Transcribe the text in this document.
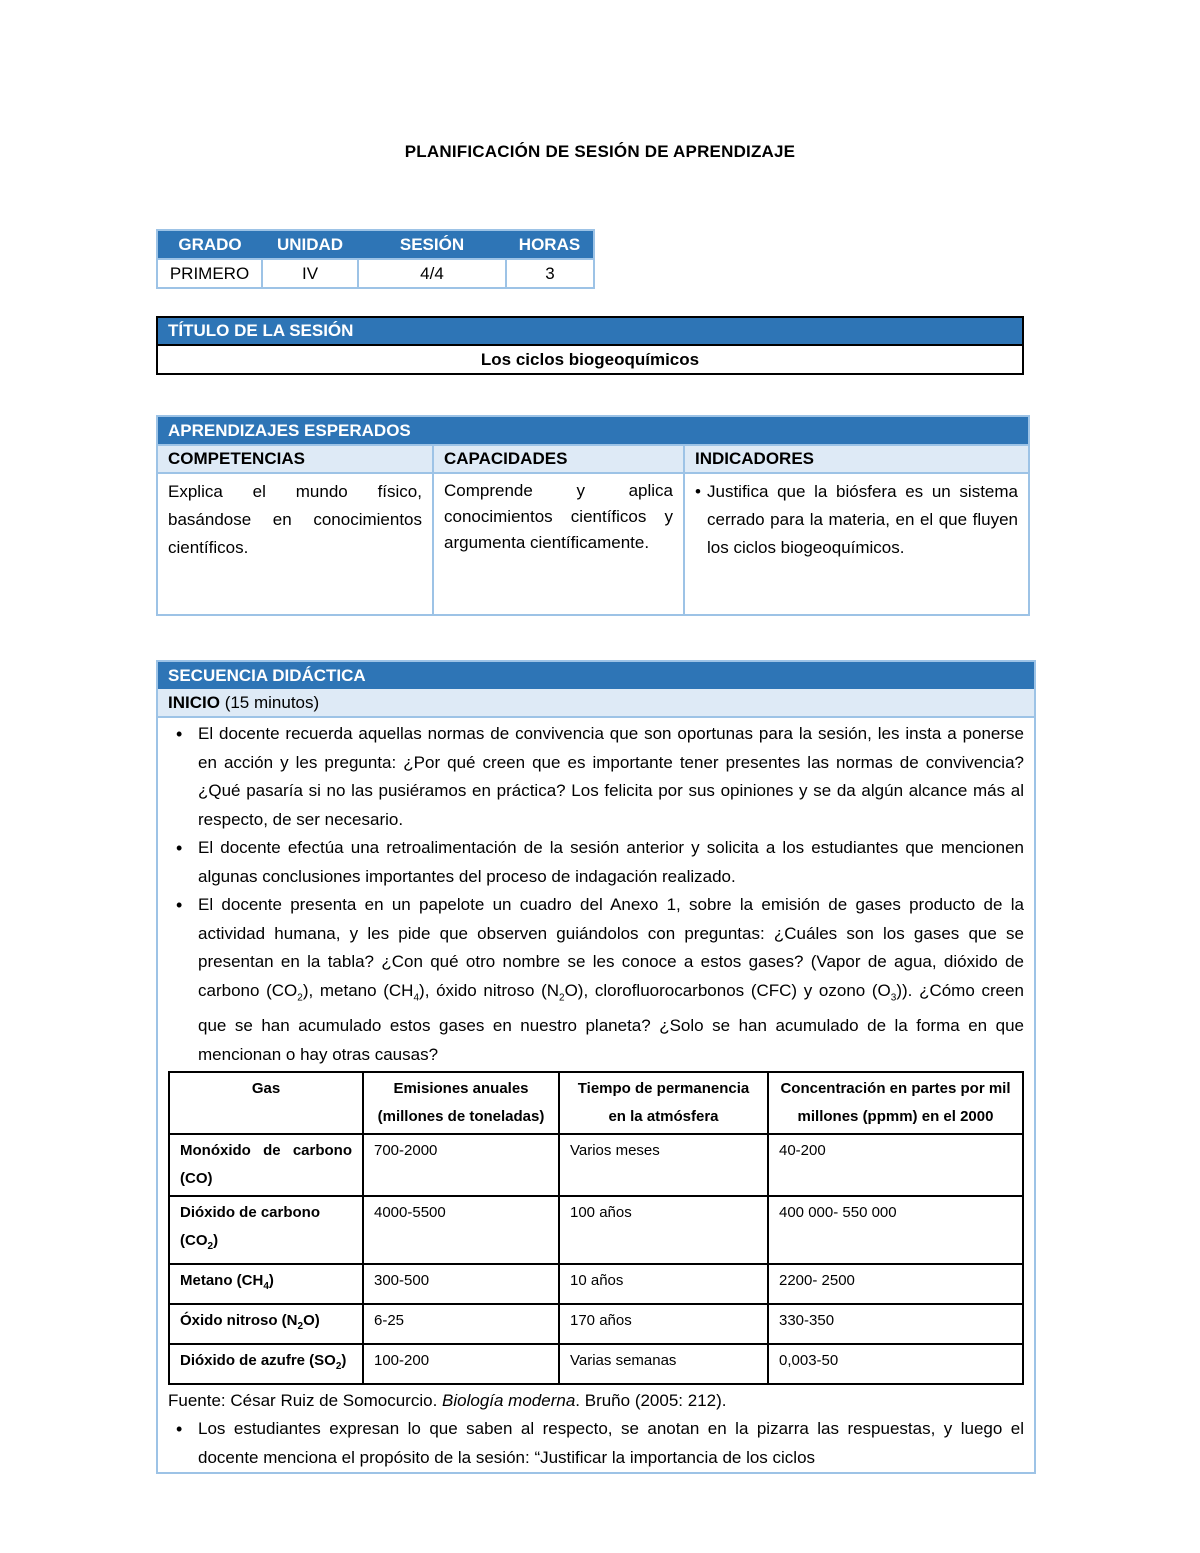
PLANIFICACIÓN DE SESIÓN DE APRENDIZAJE
GRADO	UNIDAD	SESIÓN	HORAS
PRIMERO	IV	4/4	3
TÍTULO DE LA SESIÓN
Los ciclos biogeoquímicos
APRENDIZAJES ESPERADOS		
COMPETENCIAS	CAPACIDADES	INDICADORES
Explica el mundo físico, basándose en conocimientos científicos.	Comprende y aplica conocimientos científicos y argumenta científicamente.	• Justifica que la biósfera es un sistema cerrado para la materia, en el que fluyen los ciclos biogeoquímicos.
SECUENCIA DIDÁCTICA
INICIO (15 minutos)

• El docente recuerda aquellas normas de convivencia que son oportunas para la sesión, les insta a ponerse en acción y les pregunta: ¿Por qué creen que es importante tener presentes las normas de convivencia? ¿Qué pasaría si no las pusiéramos en práctica? Los felicita por sus opiniones y se da algún alcance más al respecto, de ser necesario.
• El docente efectúa una retroalimentación de la sesión anterior y solicita a los estudiantes que mencionen algunas conclusiones importantes del proceso de indagación realizado.
• El docente presenta en un papelote un cuadro del Anexo 1, sobre la emisión de gases producto de la actividad humana, y les pide que observen guiándolos con preguntas: ¿Cuáles son los gases que se presentan en la tabla? ¿Con qué otro nombre se les conoce a estos gases? (Vapor de agua, dióxido de carbono $(CO_2)$, metano $(CH_4)$, óxido nitroso $(N_2O)$, clorofluorocarbonos (CFC) y ozono $(O_3)$). ¿Cómo creen que se han acumulado estos gases en nuestro planeta? ¿Solo se han acumulado de la forma en que mencionan o hay otras causas?
Gas	Emisiones anuales (millones de toneladas)	Tiempo de permanencia en la atmósfera	Concentración en partes por mil millones (ppmm) en el 2000
Monóxido de carbono (CO)	700-2000	Varios meses	40-200
Dióxido de carbono $(CO_2)$	4000-5500	100 años	400 000- 550 000
Metano $(CH_4)$	300-500	10 años	2200- 2500
Óxido nitroso $(N_2O)$	6-25	170 años	330-350
Dióxido de azufre $(SO_2)$	100-200	Varias semanas	0,003-50
Fuente: César Ruiz de Somocurcio. Biología moderna. Bruño (2005: 212).
• Los estudiantes expresan lo que saben al respecto, se anotan en la pizarra las respuestas, y luego el docente menciona el propósito de la sesión: “Justificar la importancia de los ciclos
